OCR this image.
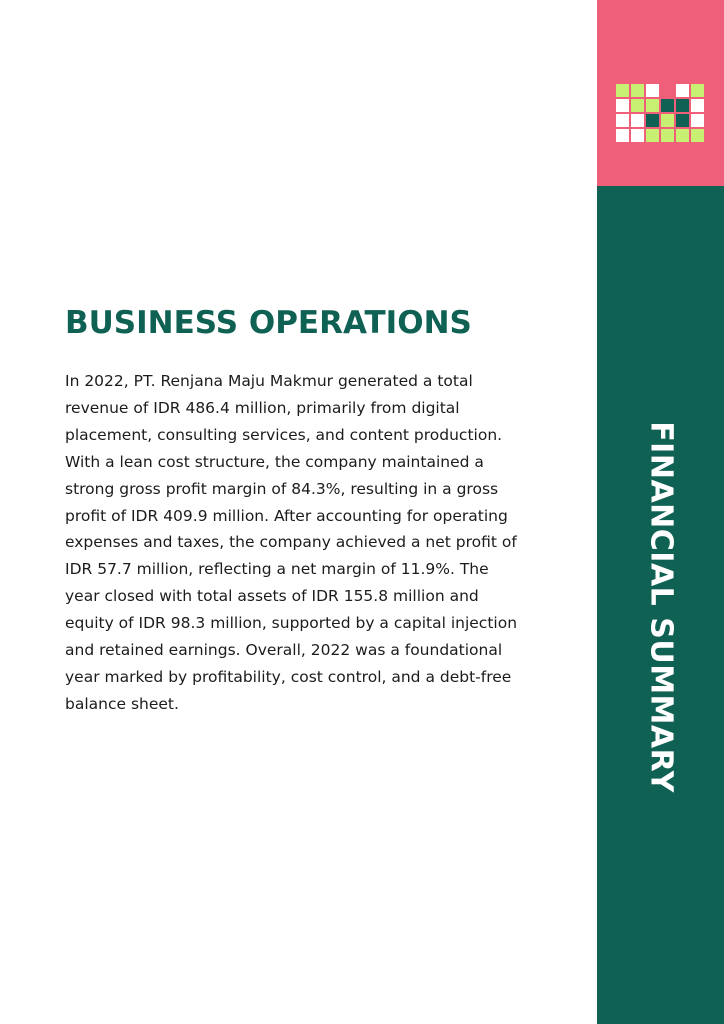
BUSINESS OPERATIONS

In 2022, PT. Renjana Maju Makmur generated a total revenue of IDR 486.4 million, primarily from digital placement, consulting services, and content production. With a lean cost structure, the company maintained a strong gross profit margin of 84.3%, resulting in a gross profit of IDR 409.9 million. After accounting for operating expenses and taxes, the company achieved a net profit of IDR 57.7 million, reflecting a net margin of 11.9%. The year closed with total assets of IDR 155.8 million and equity of IDR 98.3 million, supported by a capital injection and retained earnings. Overall, 2022 was a foundational year marked by profitability, cost control, and a debt-free balance sheet.	FINANCIAL SUMMARY
